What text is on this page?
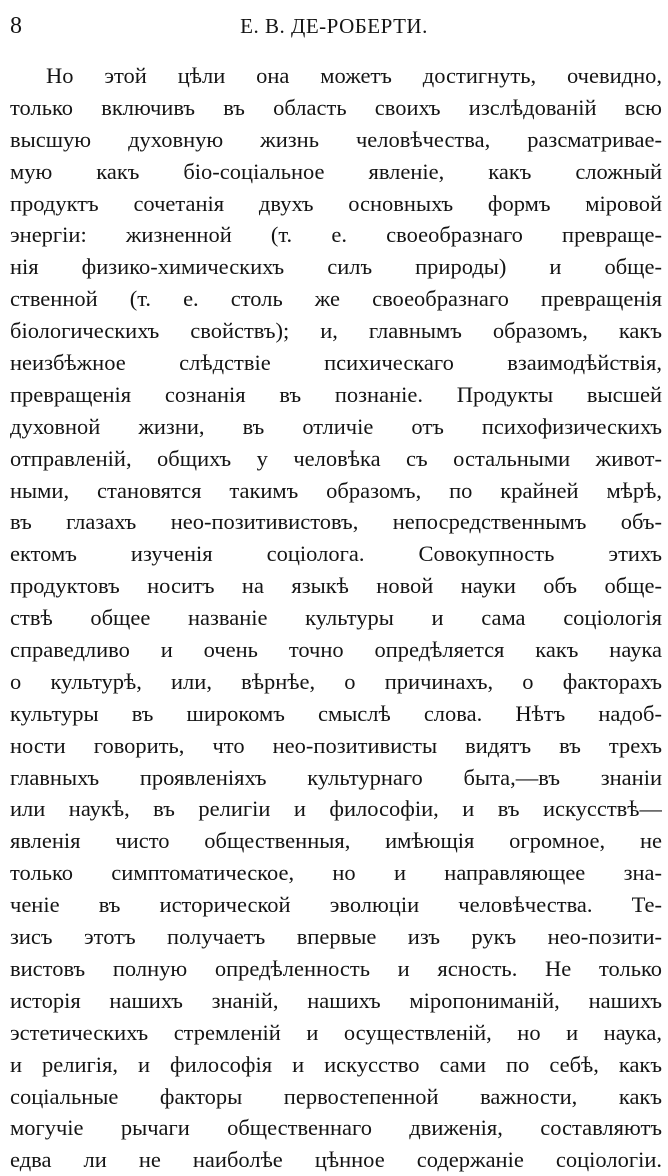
8	Е. В. ДЕ-РОБЕРТИ.
Но этой цѣли она можетъ достигнуть, очевидно,
только включивъ въ область своихъ изслѣдованій всю
высшую духовную жизнь человѣчества, разсматривае-
мую какъ біо-соціальное явленіе, какъ сложный
продуктъ сочетанія двухъ основныхъ формъ міровой
энергіи: жизненной (т. е. своеобразнаго превраще-
нія физико-химическихъ силъ природы) и обще-
ственной (т. е. столь же своеобразнаго превращенія
біологическихъ свойствъ); и, главнымъ образомъ, какъ
неизбѣжное слѣдствіе психическаго взаимодѣйствія,
превращенія сознанія въ познаніе. Продукты высшей
духовной жизни, въ отличіе отъ психофизическихъ
отправленій, общихъ у человѣка съ остальными живот-
ными, становятся такимъ образомъ, по крайней мѣрѣ,
въ глазахъ нео-позитивистовъ, непосредственнымъ объ-
ектомъ изученія соціолога. Совокупность этихъ
продуктовъ носитъ на языкѣ новой науки объ обще-
ствѣ общее названіе культуры и сама соціологія
справедливо и очень точно опредѣляется какъ наука
о культурѣ, или, вѣрнѣе, о причинахъ, о факторахъ
культуры въ широкомъ смыслѣ слова. Нѣтъ надоб-
ности говорить, что нео-позитивисты видятъ въ трехъ
главныхъ проявленіяхъ культурнаго быта,—въ знаніи
или наукѣ, въ религіи и философіи, и въ искусствѣ—
явленія чисто общественныя, имѣющія огромное, не
только симптоматическое, но и направляющее зна-
ченіе въ исторической эволюціи человѣчества. Те-
зисъ этотъ получаетъ впервые изъ рукъ нео-позити-
вистовъ полную опредѣленность и ясность. Не только
исторія нашихъ знаній, нашихъ міропониманій, нашихъ
эстетическихъ стремленій и осуществленій, но и наука,
и религія, и философія и искусство сами по себѣ, какъ
соціальные факторы первостепенной важности, какъ
могучіе рычаги общественнаго движенія, составляютъ
едва ли не наиболѣе цѣнное содержаніе соціологіи.
